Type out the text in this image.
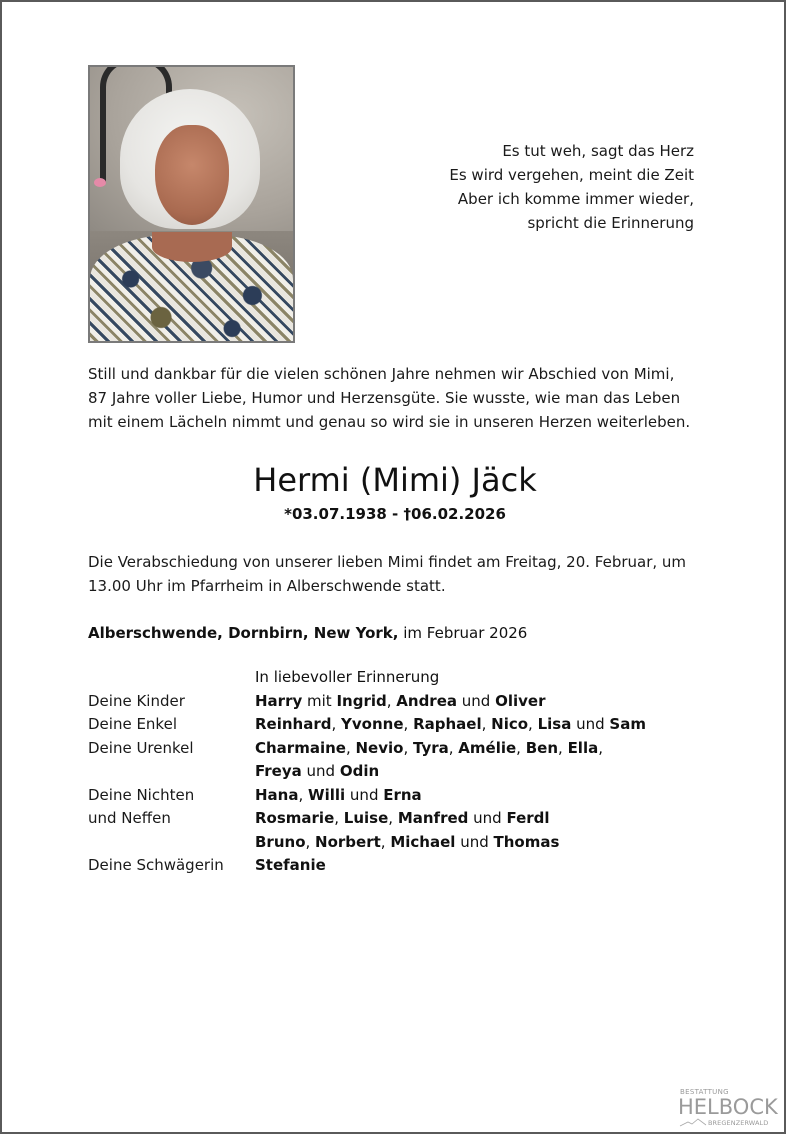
Es tut weh, sagt das Herz
Es wird vergehen, meint die Zeit
Aber ich komme immer wieder,
spricht die Erinnerung
Still und dankbar für die vielen schönen Jahre nehmen wir Abschied von Mimi,
87 Jahre voller Liebe, Humor und Herzensgüte. Sie wusste, wie man das Leben
mit einem Lächeln nimmt und genau so wird sie in unseren Herzen weiterleben.
Hermi (Mimi) Jäck
*03.07.1938 - †06.02.2026
Die Verabschiedung von unserer lieben Mimi findet am Freitag, 20. Februar, um
13.00 Uhr im Pfarrheim in Alberschwende statt.
Alberschwende, Dornbirn, New York, im Februar 2026
In liebevoller Erinnerung
Deine Kinder	Harry mit Ingrid, Andrea und Oliver
Deine Enkel	Reinhard, Yvonne, Raphael, Nico, Lisa und Sam
Deine Urenkel	Charmaine, Nevio, Tyra, Amélie, Ben, Ella,
Freya und Odin
Deine Nichten	Hana, Willi und Erna
und Neffen	Rosmarie, Luise, Manfred und Ferdl
Bruno, Norbert, Michael und Thomas
Deine Schwägerin	Stefanie
BESTATTUNG
HELBOCK
BREGENZERWALD
